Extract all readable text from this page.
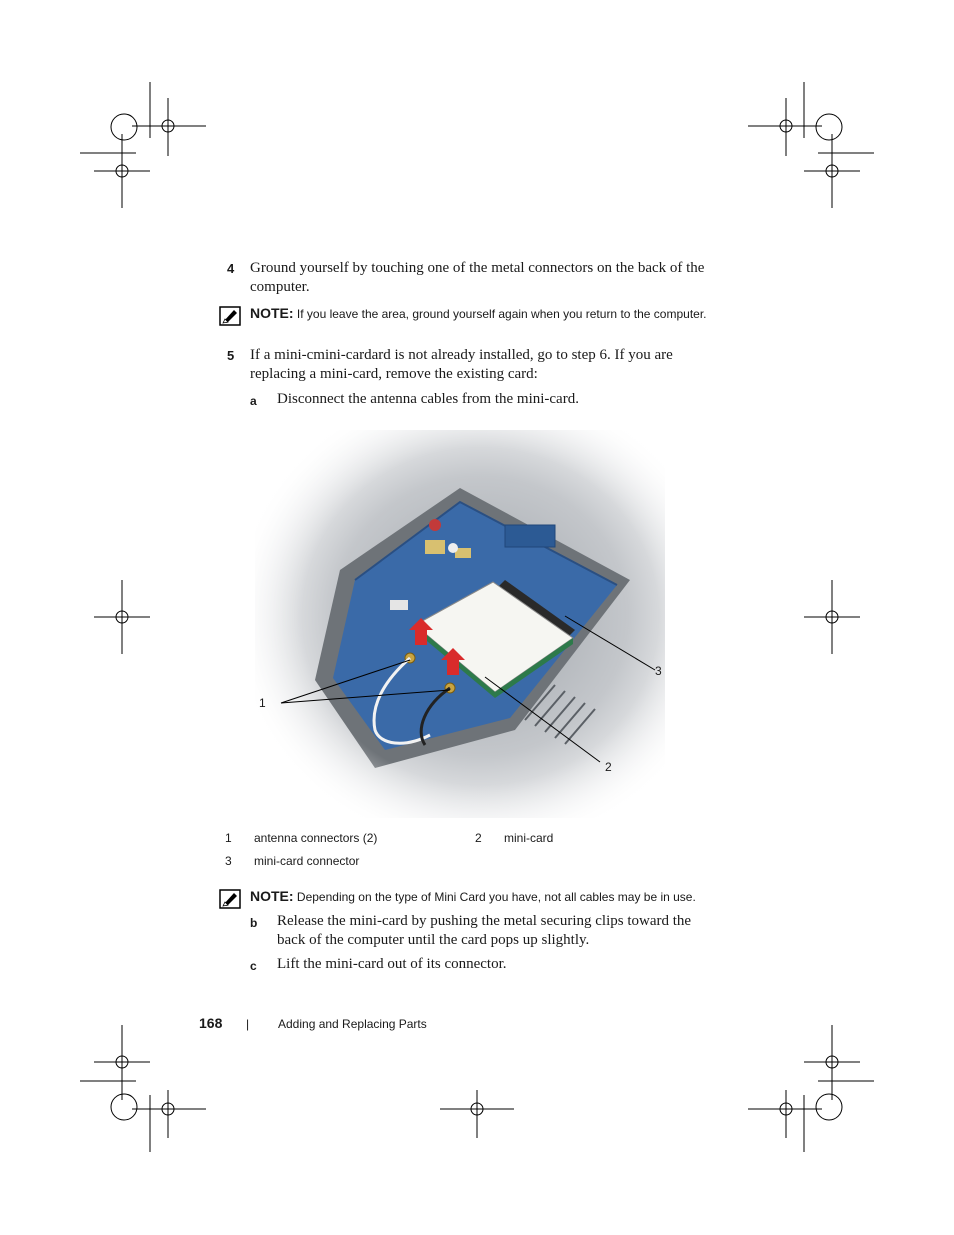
4 Ground yourself by touching one of the metal connectors on the back of the computer.
NOTE: If you leave the area, ground yourself again when you return to the computer.
5 If a mini-cmini-cardard is not already installed, go to step 6. If you are replacing a mini-card, remove the existing card:
a Disconnect the antenna cables from the mini-card.
1
2
3
1 antenna connectors (2)	2 mini-card
3 mini-card connector
NOTE: Depending on the type of Mini Card you have, not all cables may be in use.
b Release the mini-card by pushing the metal securing clips toward the back of the computer until the card pops up slightly.
c Lift the mini-card out of its connector.
168 | Adding and Replacing Parts
